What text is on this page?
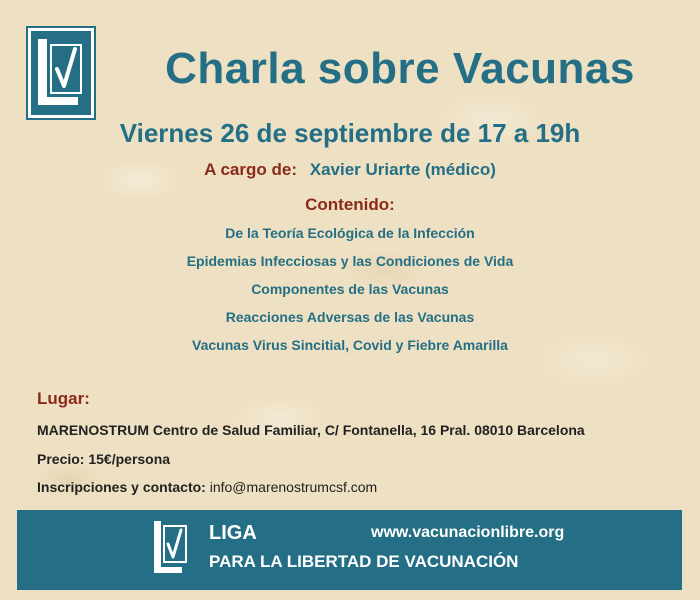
Charla sobre Vacunas
Viernes 26 de septiembre de 17 a 19h
A cargo de: Xavier Uriarte (médico)
Contenido:
De la Teoría Ecológica de la Infección
Epidemias Infecciosas y las Condiciones de Vida
Componentes de las Vacunas
Reacciones Adversas de las Vacunas
Vacunas Virus Sincitial, Covid y Fiebre Amarilla
Lugar:
MARENOSTRUM Centro de Salud Familiar, C/ Fontanella, 16 Pral. 08010 Barcelona
Precio: 15€/persona
Inscripciones y contacto: info@marenostrumcsf.com
LIGA	www.vacunacionlibre.org
PARA LA LIBERTAD DE VACUNACIÓN
